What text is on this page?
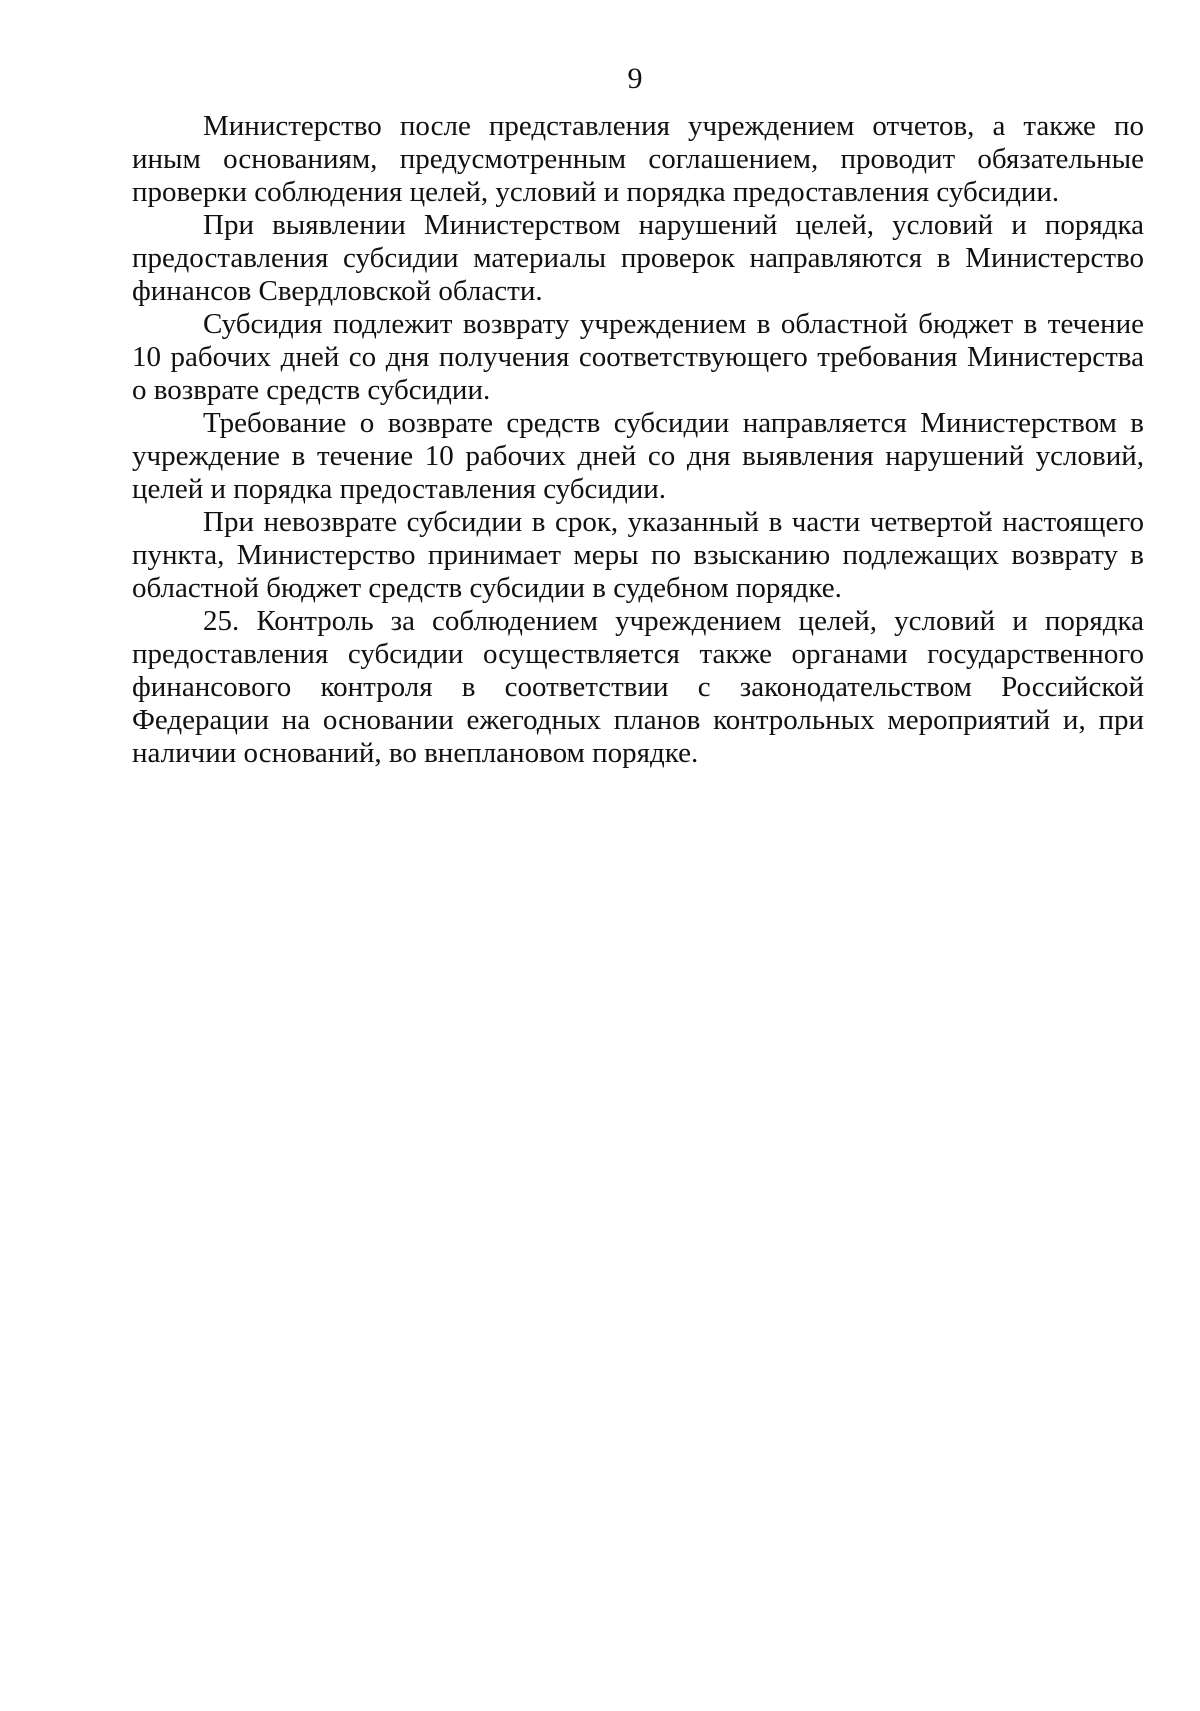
9

Министерство после представления учреждением отчетов, а также по иным основаниям, предусмотренным соглашением, проводит обязательные проверки соблюдения целей, условий и порядка предоставления субсидии.

При выявлении Министерством нарушений целей, условий и порядка предоставления субсидии материалы проверок направляются в Министерство финансов Свердловской области.

Субсидия подлежит возврату учреждением в областной бюджет в течение 10 рабочих дней со дня получения соответствующего требования Министерства о возврате средств субсидии.

Требование о возврате средств субсидии направляется Министерством в учреждение в течение 10 рабочих дней со дня выявления нарушений условий, целей и порядка предоставления субсидии.

При невозврате субсидии в срок, указанный в части четвертой настоящего пункта, Министерство принимает меры по взысканию подлежащих возврату в областной бюджет средств субсидии в судебном порядке.

25. Контроль за соблюдением учреждением целей, условий и порядка предоставления субсидии осуществляется также органами государственного финансового контроля в соответствии с законодательством Российской Федерации на основании ежегодных планов контрольных мероприятий и, при наличии оснований, во внеплановом порядке.
